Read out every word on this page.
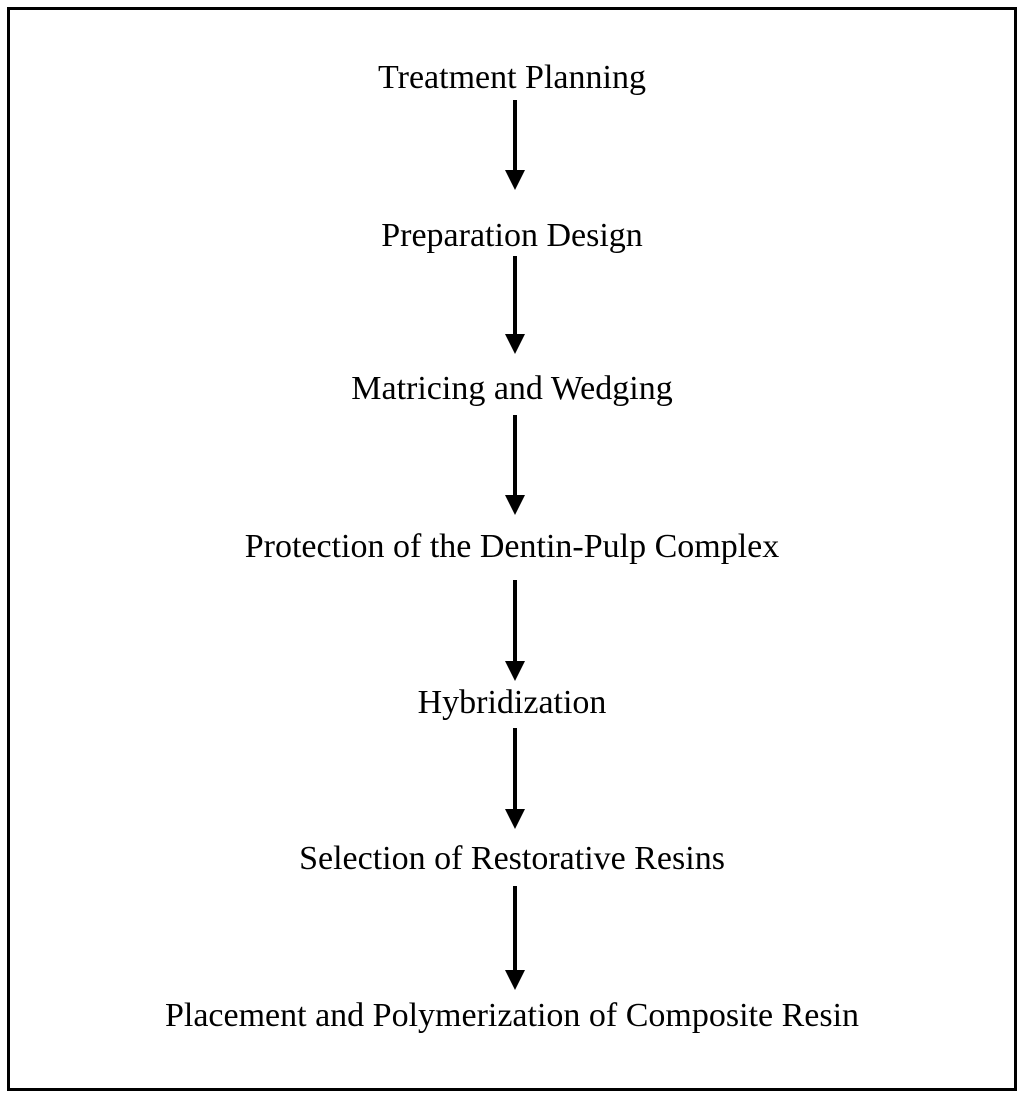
Treatment Planning
Preparation Design
Matricing and Wedging
Protection of the Dentin-Pulp Complex
Hybridization
Selection of Restorative Resins
Placement and Polymerization of Composite Resin
